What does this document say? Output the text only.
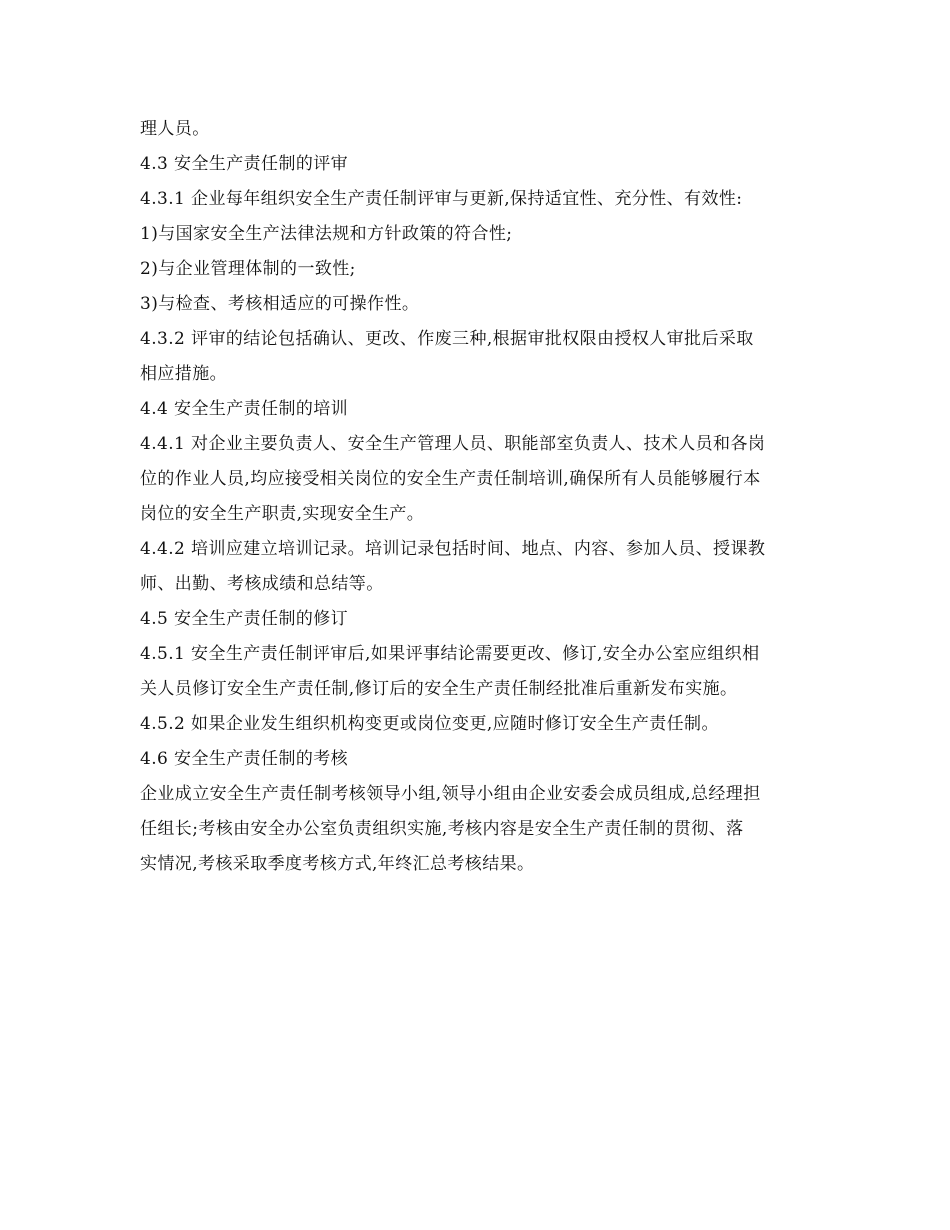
理人员。
4.3 安全生产责任制的评审
4.3.1 企业每年组织安全生产责任制评审与更新,保持适宜性、充分性、有效性:
1)与国家安全生产法律法规和方针政策的符合性;
2)与企业管理体制的一致性;
3)与检查、考核相适应的可操作性。
4.3.2 评审的结论包括确认、更改、作废三种,根据审批权限由授权人审批后采取
相应措施。
4.4 安全生产责任制的培训
4.4.1 对企业主要负责人、安全生产管理人员、职能部室负责人、技术人员和各岗
位的作业人员,均应接受相关岗位的安全生产责任制培训,确保所有人员能够履行本
岗位的安全生产职责,实现安全生产。
4.4.2 培训应建立培训记录。培训记录包括时间、地点、内容、参加人员、授课教
师、出勤、考核成绩和总结等。
4.5 安全生产责任制的修订
4.5.1 安全生产责任制评审后,如果评事结论需要更改、修订,安全办公室应组织相
关人员修订安全生产责任制,修订后的安全生产责任制经批准后重新发布实施。
4.5.2 如果企业发生组织机构变更或岗位变更,应随时修订安全生产责任制。
4.6 安全生产责任制的考核
企业成立安全生产责任制考核领导小组,领导小组由企业安委会成员组成,总经理担
任组长;考核由安全办公室负责组织实施,考核内容是安全生产责任制的贯彻、落
实情况,考核采取季度考核方式,年终汇总考核结果。
